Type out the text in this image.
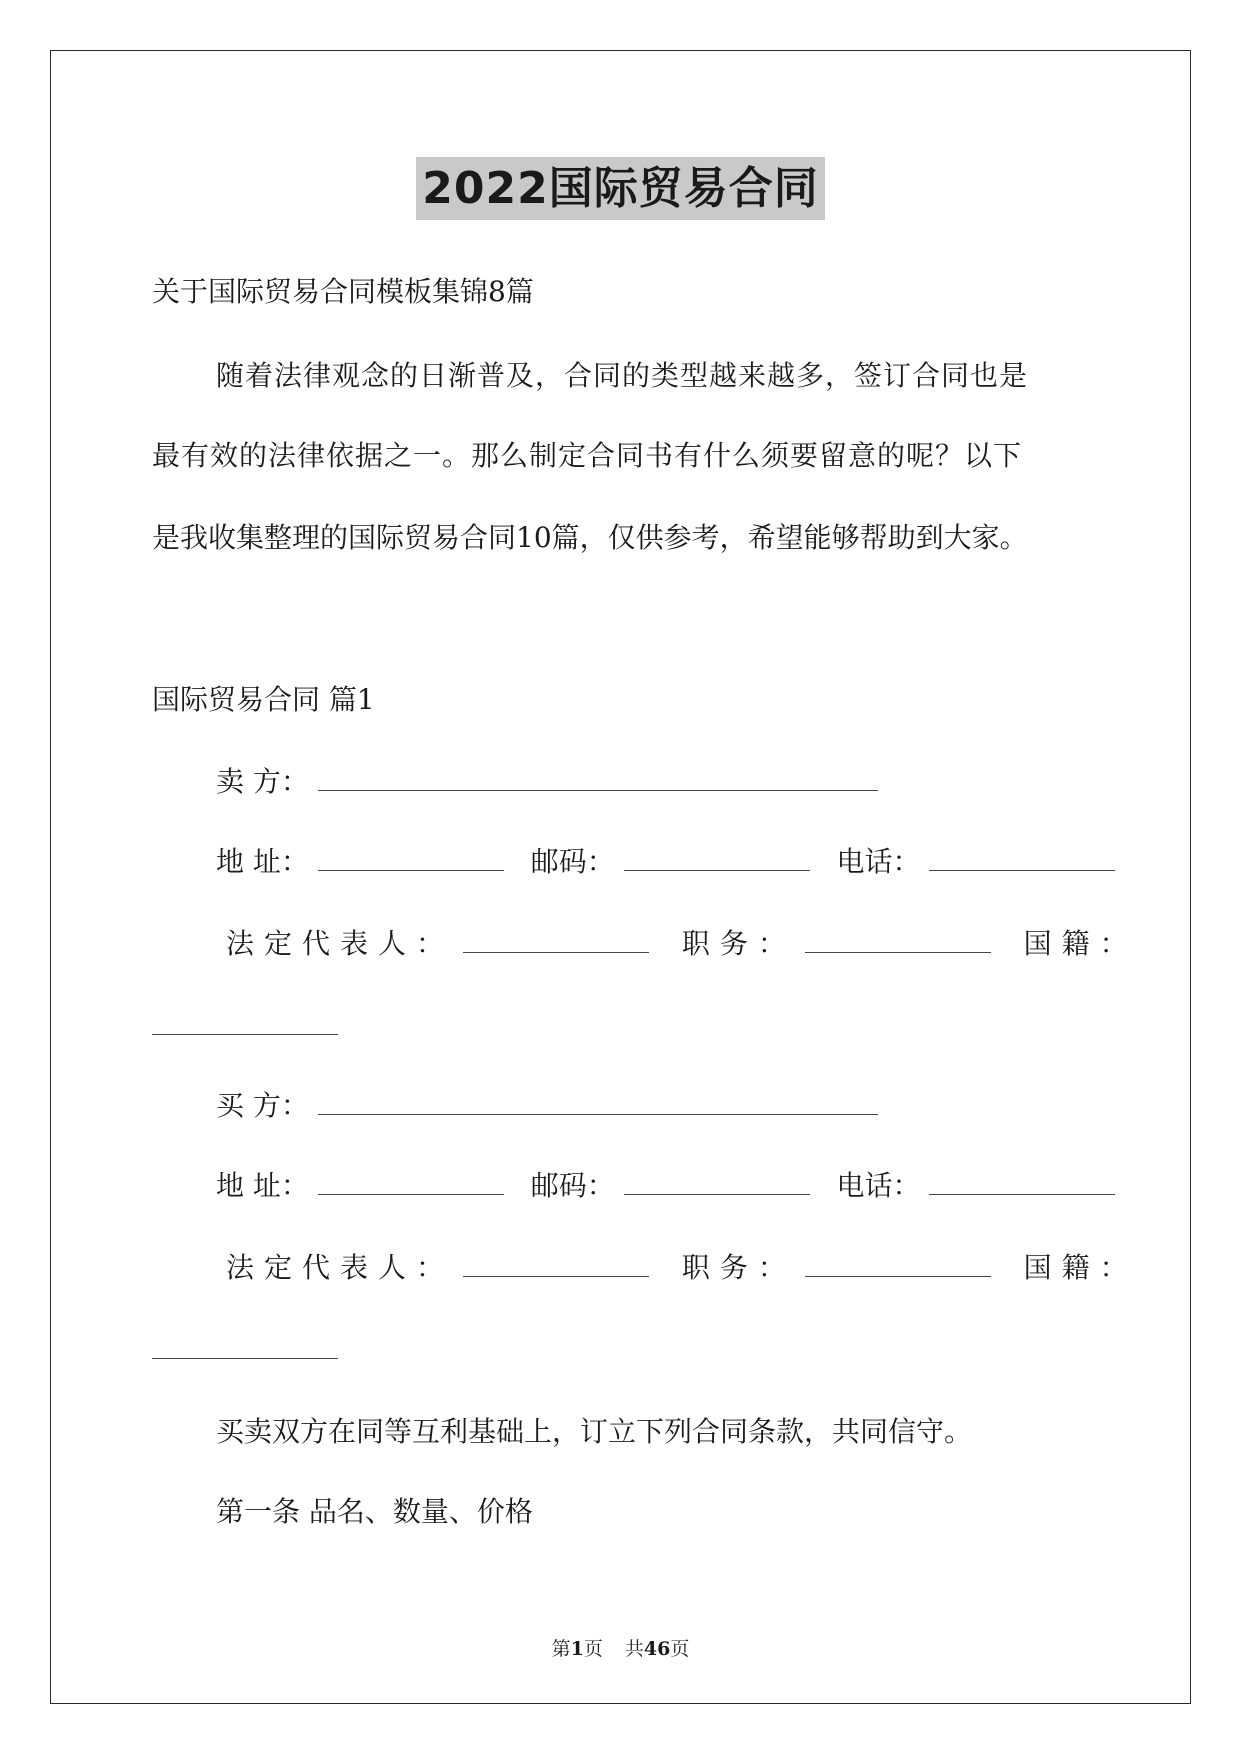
2022国际贸易合同
关于国际贸易合同模板集锦8篇
随着法律观念的日渐普及，合同的类型越来越多，签订合同也是
最有效的法律依据之一。那么制定合同书有什么须要留意的呢？以下
是我收集整理的国际贸易合同10篇，仅供参考，希望能够帮助到大家。
国际贸易合同 篇1
卖 方：
地 址：	邮码：	电话：
法定代表人：	职务：	国籍：
买 方：
地 址：	邮码：	电话：
法定代表人：	职务：	国籍：
买卖双方在同等互利基础上，订立下列合同条款，共同信守。
第一条 品名、数量、价格
第1页 共46页
